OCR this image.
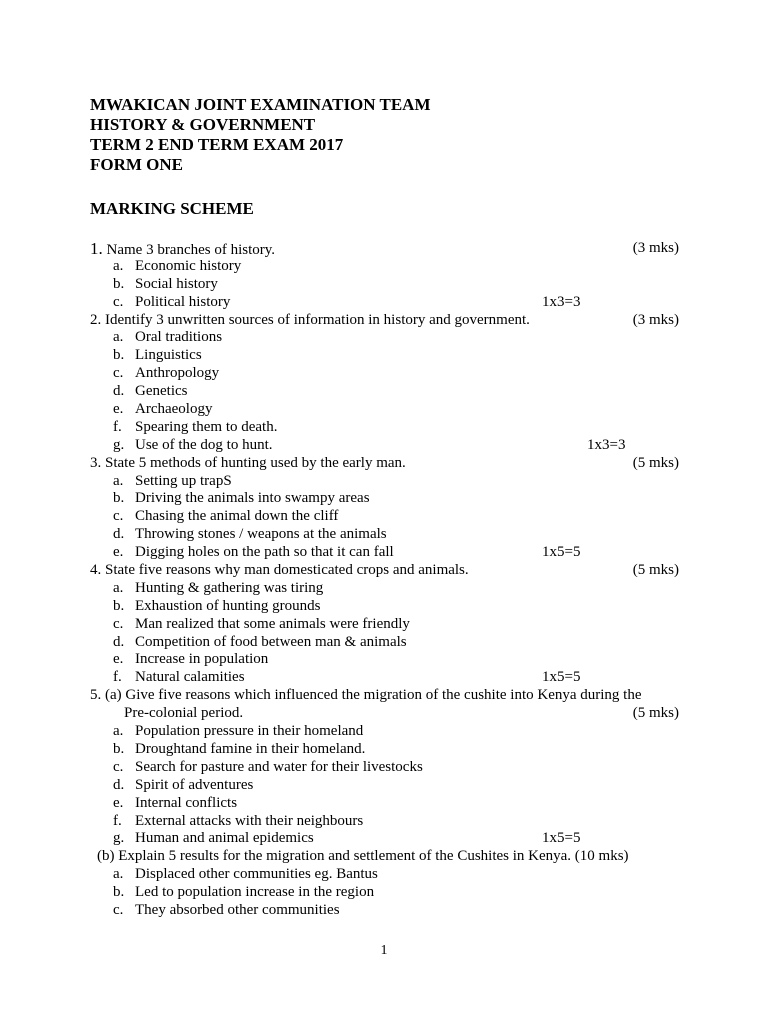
MWAKICAN JOINT EXAMINATION TEAM
HISTORY & GOVERNMENT
TERM 2 END TERM EXAM 2017
FORM ONE
MARKING SCHEME
1. Name 3 branches of history.	(3 mks)
a. Economic history
b. Social history
c. Political history	1x3=3
2. Identify 3 unwritten sources of information in history and government.	(3 mks)
a. Oral traditions
b. Linguistics
c. Anthropology
d. Genetics
e. Archaeology
f. Spearing them to death.
g. Use of the dog to hunt.	1x3=3
3. State 5 methods of hunting used by the early man.	(5 mks)
a. Setting up trapS
b. Driving the animals into swampy areas
c. Chasing the animal down the cliff
d. Throwing stones / weapons at the animals
e. Digging holes on the path so that it can fall	1x5=5
4. State five reasons why man domesticated crops and animals.	(5 mks)
a. Hunting & gathering was tiring
b. Exhaustion of hunting grounds
c. Man realized that some animals were friendly
d. Competition of food between man & animals
e. Increase in population
f. Natural calamities	1x5=5
5. (a) Give five reasons which influenced the migration of the cushite into Kenya during the
Pre-colonial period.	(5 mks)
a. Population pressure in their homeland
b. Droughtand famine in their homeland.
c. Search for pasture and water for their livestocks
d. Spirit of adventures
e. Internal conflicts
f. External attacks with their neighbours
g. Human and animal epidemics	1x5=5
(b) Explain 5 results for the migration and settlement of the Cushites in Kenya. (10 mks)
a. Displaced other communities eg. Bantus
b. Led to population increase in the region
c. They absorbed other communities
1
